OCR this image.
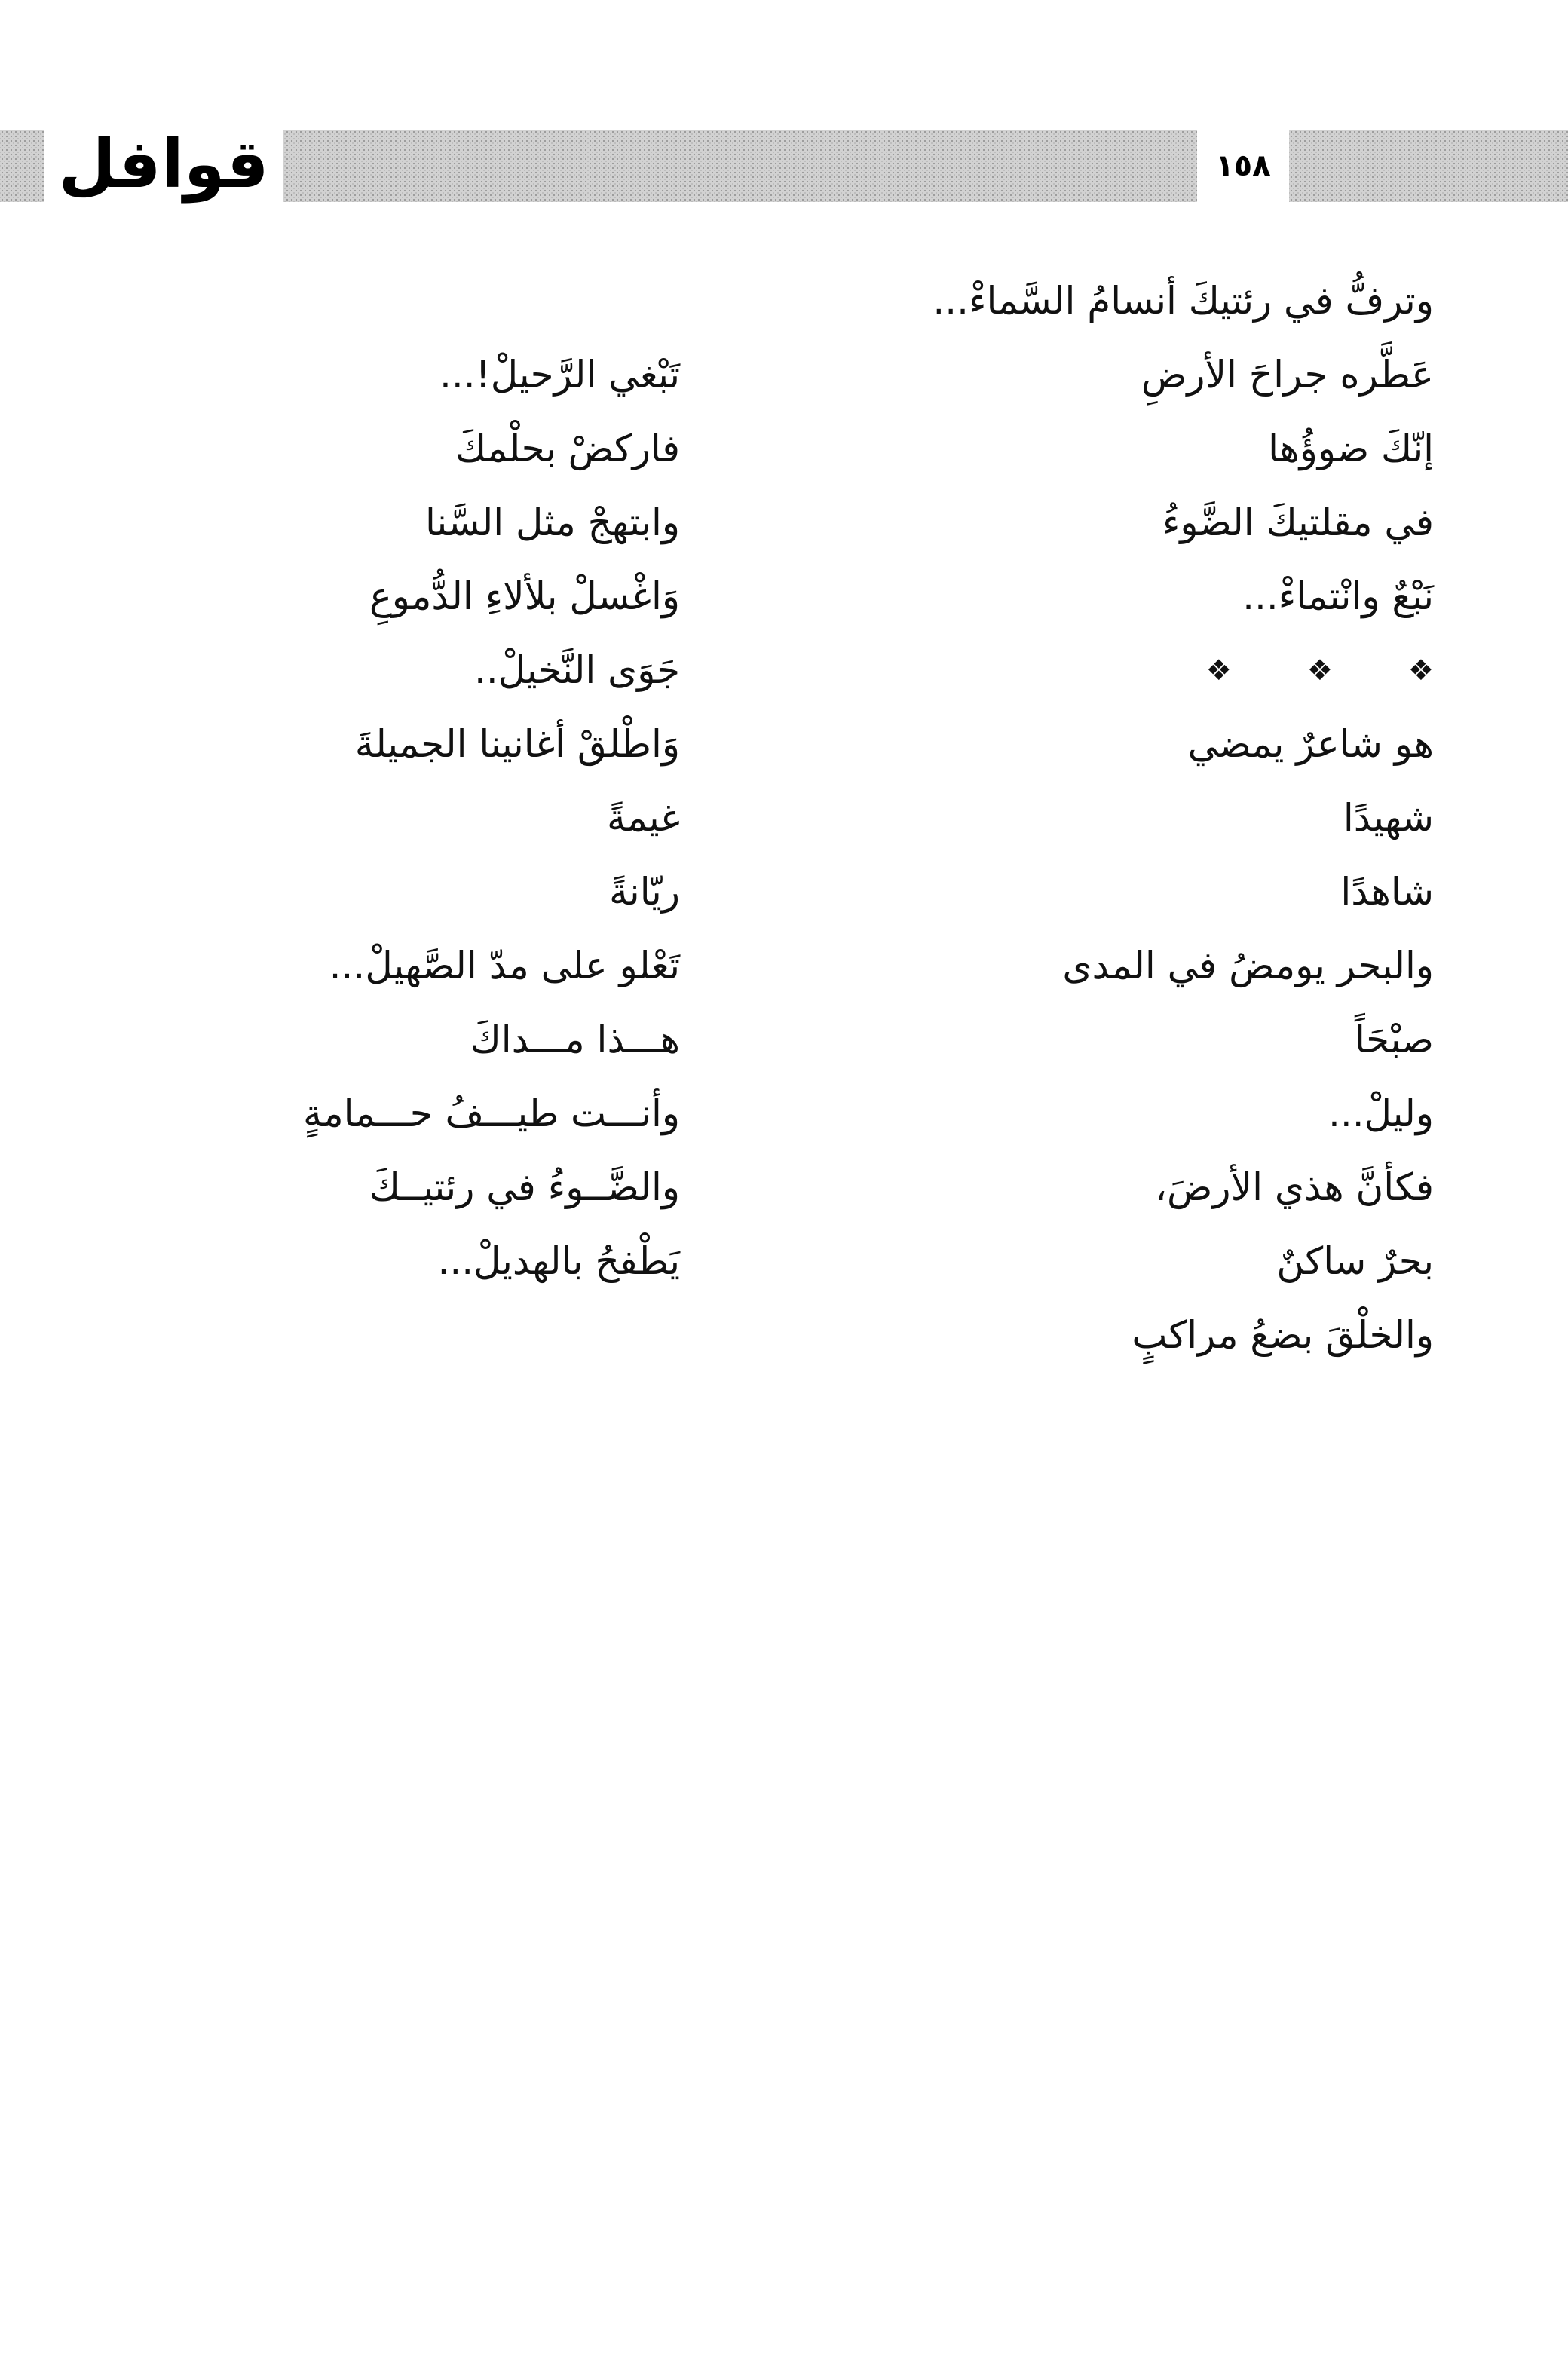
قوافل	١٥٨
وترفُّ في رئتيكَ أنسامُ السَّماءْ...
عَطَّره جراحَ الأرضِ
إنّكَ ضوؤُها
في مقلتيكَ الضَّوءُ
نَبْعٌ وانْتماءْ...
❖
❖
❖
هو شاعرٌ يمضي
شهيدًا
شاهدًا
والبحر يومضُ في المدى
صبْحَاً
وليلْ...
فكأنَّ هذي الأرضَ،
بحرٌ ساكنٌ
والخلْقَ بضعُ مراكبٍ
تَبْغي الرَّحيلْ!...
فاركضْ بحلْمكَ
وابتهجْ مثل السَّنا
وَاغْسلْ بلألاءِ الدُّموعِ
جَوَى النَّخيلْ..
وَاطْلقْ أغانينا الجميلةَ
غيمةً
ريّانةً
تَعْلو على مدّ الصَّهيلْ...
هـــذا مـــداكَ
وأنـــت طيـــفُ حـــمامةٍ
والضَّــوءُ في رئتيــكَ
يَطْفحُ بالهديلْ...
